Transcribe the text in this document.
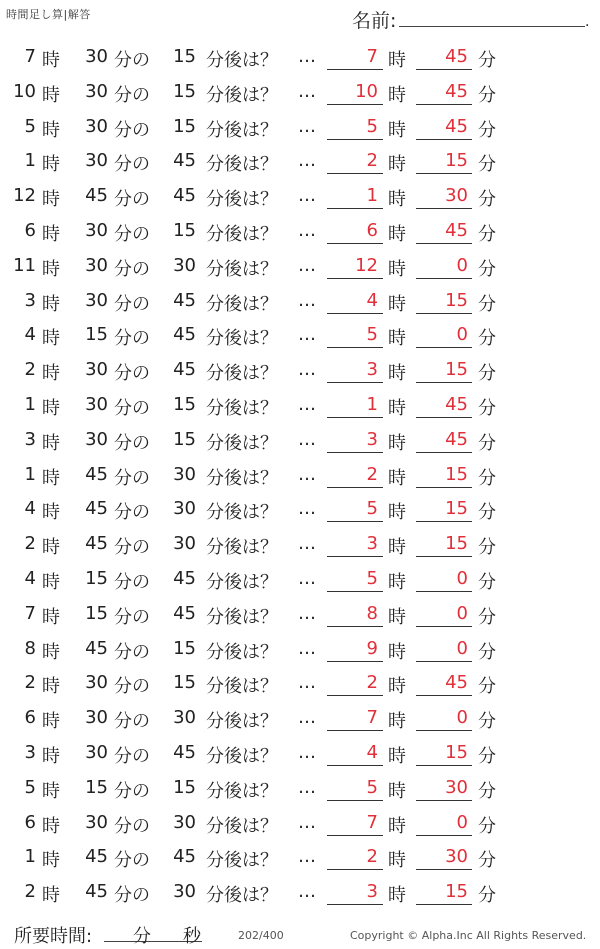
時間足し算|解答	名前:	.
7 時	30 分の 15 分後は？ …	7 時	45 分
10 時	30 分の 15 分後は？ …	10 時	45 分
5 時	30 分の 15 分後は？ …	5 時	45 分
1 時	30 分の 45 分後は？ …	2 時	15 分
12 時	45 分の 45 分後は？ …	1 時	30 分
6 時	30 分の 15 分後は？ …	6 時	45 分
11 時	30 分の 30 分後は？ …	12 時	0 分
3 時	30 分の 45 分後は？ …	4 時	15 分
4 時	15 分の 45 分後は？ …	5 時	0 分
2 時	30 分の 45 分後は？ …	3 時	15 分
1 時	30 分の 15 分後は？ …	1 時	45 分
3 時	30 分の 15 分後は？ …	3 時	45 分
1 時	45 分の 30 分後は？ …	2 時	15 分
4 時	45 分の 30 分後は？ …	5 時	15 分
2 時	45 分の 30 分後は？ …	3 時	15 分
4 時	15 分の 45 分後は？ …	5 時	0 分
7 時	15 分の 45 分後は？ …	8 時	0 分
8 時	45 分の 15 分後は？ …	9 時	0 分
2 時	30 分の 15 分後は？ …	2 時	45 分
6 時	30 分の 30 分後は？ …	7 時	0 分
3 時	30 分の 45 分後は？ …	4 時	15 分
5 時	15 分の 15 分後は？ …	5 時	30 分
6 時	30 分の 30 分後は？ …	7 時	0 分
1 時	45 分の 45 分後は？ …	2 時	30 分
2 時	45 分の 30 分後は？ …	3 時	15 分
所要時間: 分 秒	202/400	Copyright © Alpha.Inc All Rights Reserved.
